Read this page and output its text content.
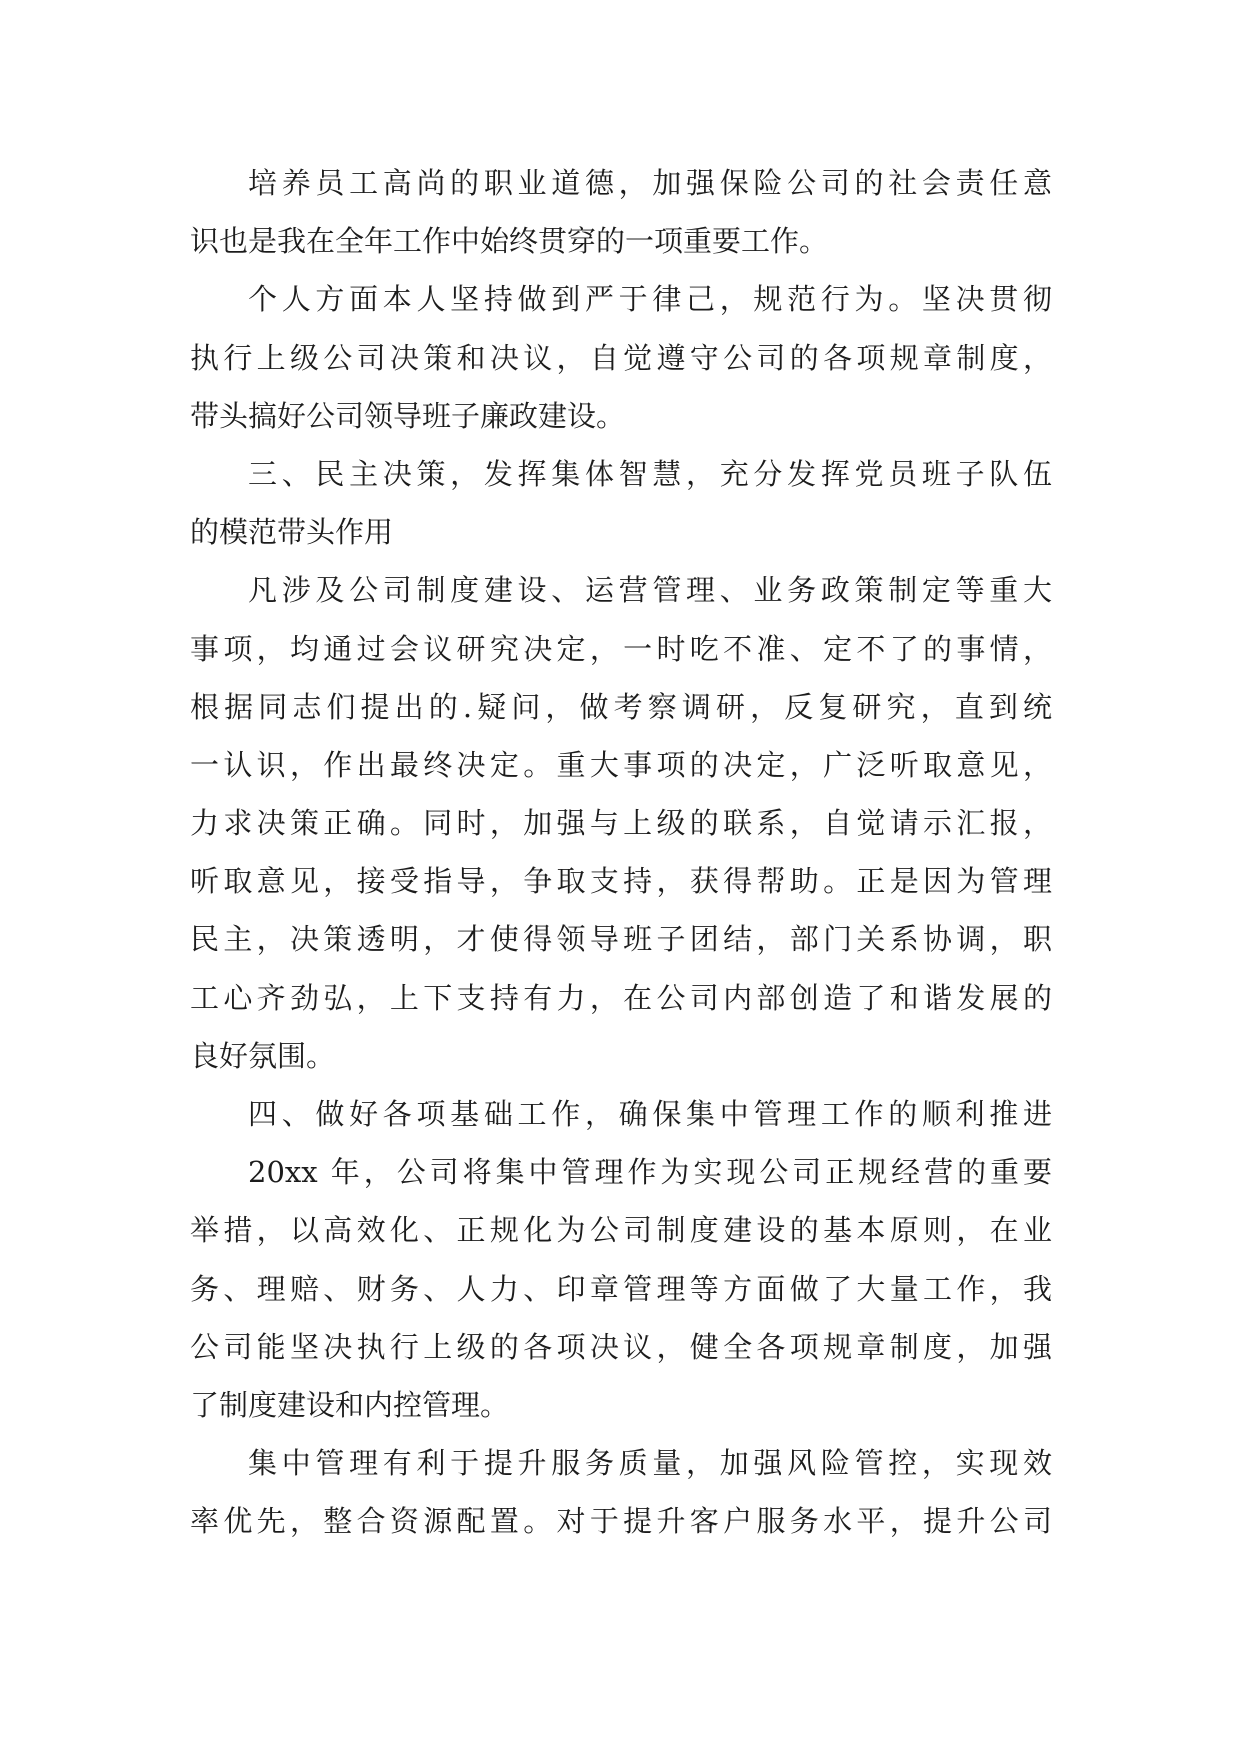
培养员工高尚的职业道德，加强保险公司的社会责任意
识也是我在全年工作中始终贯穿的一项重要工作。
个人方面本人坚持做到严于律己，规范行为。坚决贯彻
执行上级公司决策和决议，自觉遵守公司的各项规章制度，
带头搞好公司领导班子廉政建设。
三、民主决策，发挥集体智慧，充分发挥党员班子队伍
的模范带头作用
凡涉及公司制度建设、运营管理、业务政策制定等重大
事项，均通过会议研究决定，一时吃不准、定不了的事情，
根据同志们提出的.疑问，做考察调研，反复研究，直到统
一认识，作出最终决定。重大事项的决定，广泛听取意见，
力求决策正确。同时，加强与上级的联系，自觉请示汇报，
听取意见，接受指导，争取支持，获得帮助。正是因为管理
民主，决策透明，才使得领导班子团结，部门关系协调，职
工心齐劲弘，上下支持有力，在公司内部创造了和谐发展的
良好氛围。
四、做好各项基础工作，确保集中管理工作的顺利推进
20xx 年，公司将集中管理作为实现公司正规经营的重要
举措，以高效化、正规化为公司制度建设的基本原则，在业
务、理赔、财务、人力、印章管理等方面做了大量工作，我
公司能坚决执行上级的各项决议，健全各项规章制度，加强
了制度建设和内控管理。
集中管理有利于提升服务质量，加强风险管控，实现效
率优先，整合资源配置。对于提升客户服务水平，提升公司
